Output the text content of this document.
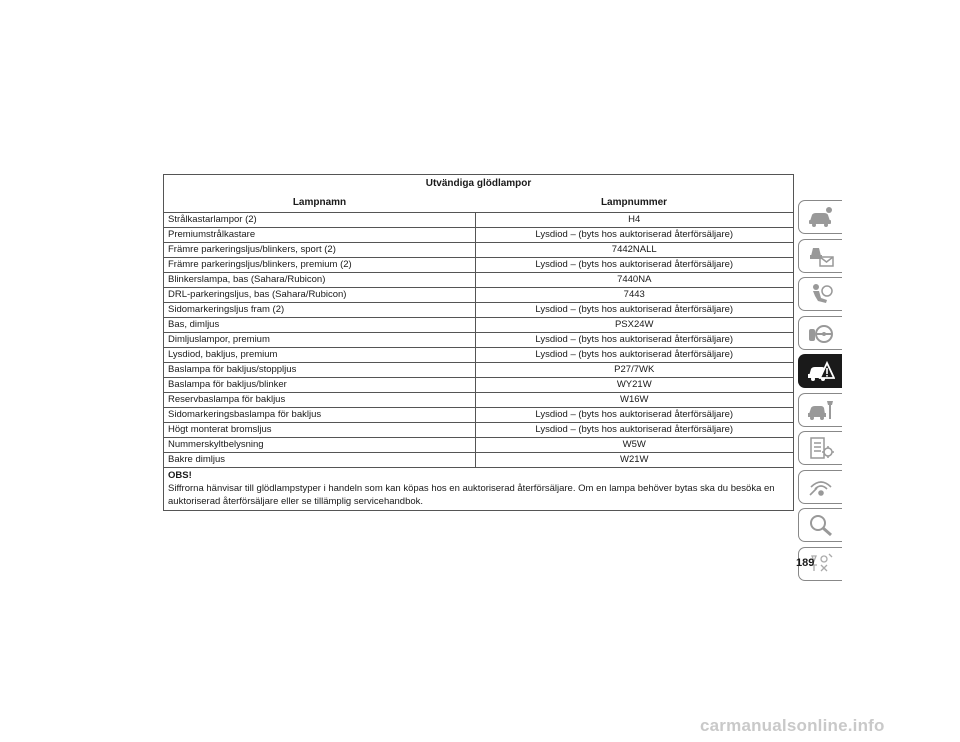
Utvändiga glödlampor	
Lampnamn	Lampnummer
Strålkastarlampor (2)	H4
Premiumstrålkastare	Lysdiod – (byts hos auktoriserad återförsäljare)
Främre parkeringsljus/blinkers, sport (2)	7442NALL
Främre parkeringsljus/blinkers, premium (2)	Lysdiod – (byts hos auktoriserad återförsäljare)
Blinkerslampa, bas (Sahara/Rubicon)	7440NA
DRL-parkeringsljus, bas (Sahara/Rubicon)	7443
Sidomarkeringsljus fram (2)	Lysdiod – (byts hos auktoriserad återförsäljare)
Bas, dimljus	PSX24W
Dimljuslampor, premium	Lysdiod – (byts hos auktoriserad återförsäljare)
Lysdiod, bakljus, premium	Lysdiod – (byts hos auktoriserad återförsäljare)
Baslampa för bakljus/stoppljus	P27/7WK
Baslampa för bakljus/blinker	WY21W
Reservbaslampa för bakljus	W16W
Sidomarkeringsbaslampa för bakljus	Lysdiod – (byts hos auktoriserad återförsäljare)
Högt monterat bromsljus	Lysdiod – (byts hos auktoriserad återförsäljare)
Nummerskyltbelysning	W5W
Bakre dimljus	W21W
OBS!
Siffrorna hänvisar till glödlampstyper i handeln som kan köpas hos en auktoriserad återförsäljare. Om en lampa behöver bytas ska du besöka en auktoriserad återförsäljare eller se tillämplig servicehandbok.
189
carmanualsonline.info
